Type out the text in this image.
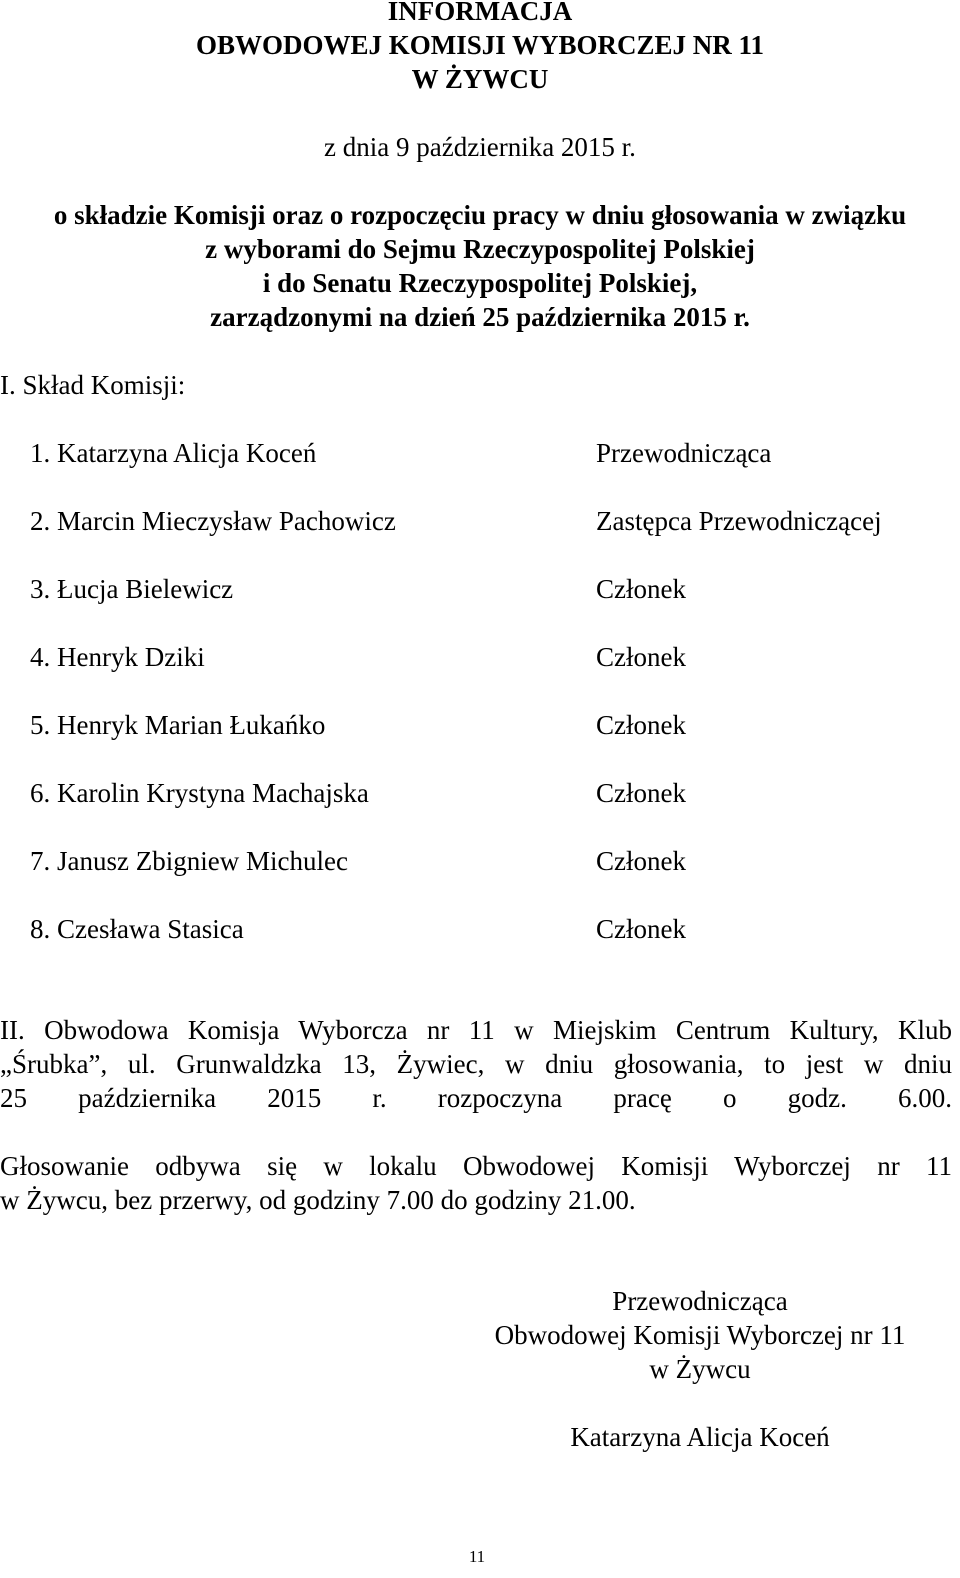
INFORMACJA
OBWODOWEJ KOMISJI WYBORCZEJ NR 11
W ŻYWCU
z dnia 9 października 2015 r.
o składzie Komisji oraz o rozpoczęciu pracy w dniu głosowania w związku
z wyborami do Sejmu Rzeczypospolitej Polskiej
i do Senatu Rzeczypospolitej Polskiej,
zarządzonymi na dzień 25 października 2015 r.
I. Skład Komisji:
1. Katarzyna Alicja Koceń	Przewodnicząca
2. Marcin Mieczysław Pachowicz	Zastępca Przewodniczącej
3. Łucja Bielewicz	Członek
4. Henryk Dziki	Członek
5. Henryk Marian Łukańko	Członek
6. Karolin Krystyna Machajska	Członek
7. Janusz Zbigniew Michulec	Członek
8. Czesława Stasica	Członek
II. Obwodowa Komisja Wyborcza nr 11 w Miejskim Centrum Kultury, Klub
„Śrubka”, ul. Grunwaldzka 13, Żywiec, w dniu głosowania, to jest w dniu
25 października 2015 r. rozpoczyna pracę o godz. 6.00.
Głosowanie odbywa się w lokalu Obwodowej Komisji Wyborczej nr 11
w Żywcu, bez przerwy, od godziny 7.00 do godziny 21.00.
Przewodnicząca
Obwodowej Komisji Wyborczej nr 11
w Żywcu
Katarzyna Alicja Koceń
11
